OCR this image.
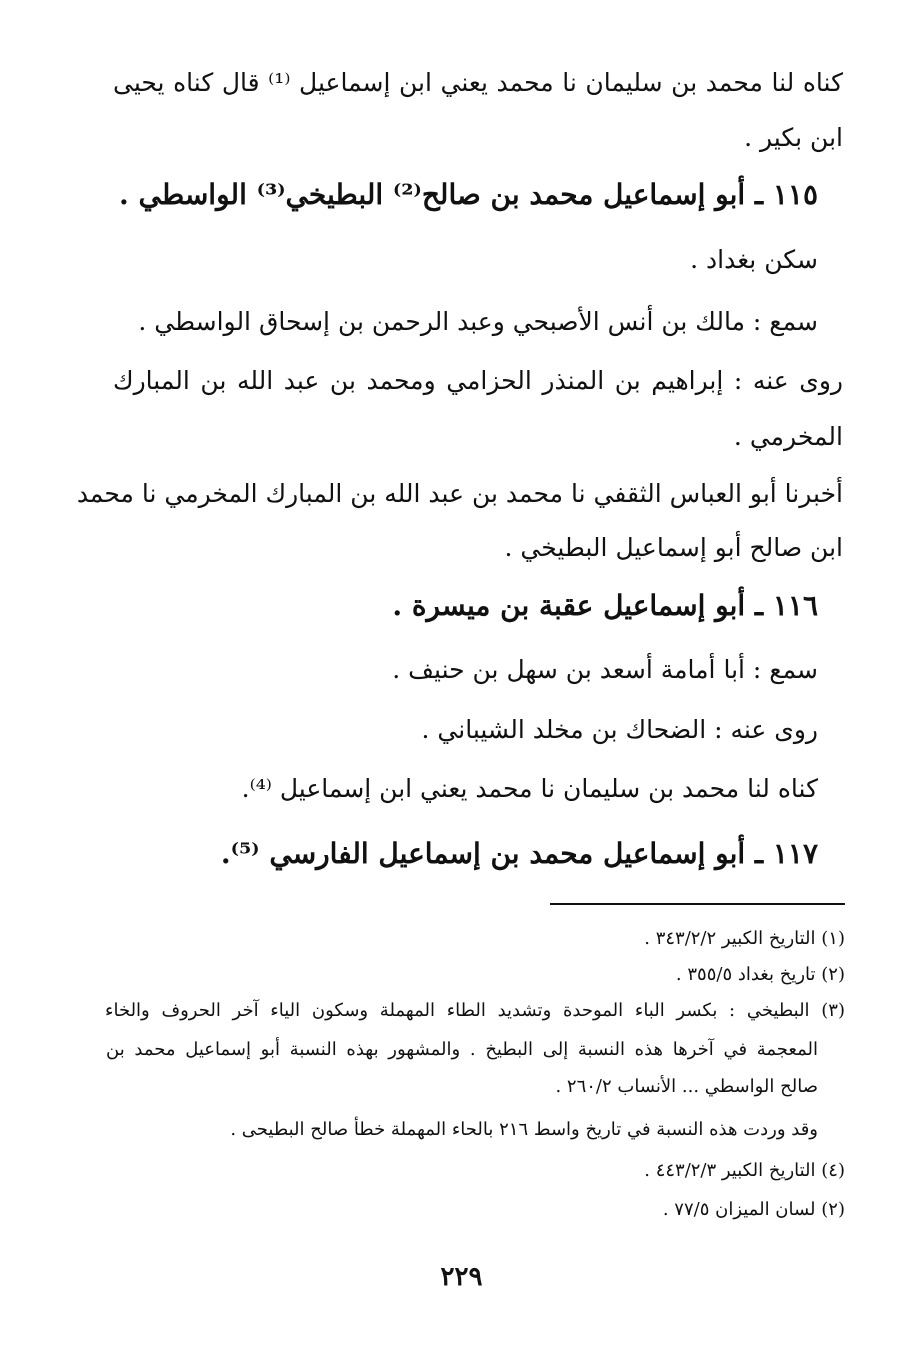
كناه لنا محمد بن سليمان نا محمد يعني ابن إسماعيل ⁽¹⁾ قال كناه يحيى
ابن بكير .
١١٥ ـ أبو إسماعيل محمد بن صالح⁽²⁾ البطيخي⁽³⁾ الواسطي .
سكن بغداد .
سمع : مالك بن أنس الأصبحي وعبد الرحمن بن إسحاق الواسطي .
روى عنه : إبراهيم بن المنذر الحزامي ومحمد بن عبد الله بن المبارك
المخرمي .
أخبرنا أبو العباس الثقفي نا محمد بن عبد الله بن المبارك المخرمي نا محمد
ابن صالح أبو إسماعيل البطيخي .
١١٦ ـ أبو إسماعيل عقبة بن ميسرة .
سمع : أبا أمامة أسعد بن سهل بن حنيف .
روى عنه : الضحاك بن مخلد الشيباني .
كناه لنا محمد بن سليمان نا محمد يعني ابن إسماعيل ⁽⁴⁾.
١١٧ ـ أبو إسماعيل محمد بن إسماعيل الفارسي ⁽⁵⁾.
(١) التاريخ الكبير ٣٤٣/٢/٢ .
(٢) تاريخ بغداد ٣٥٥/٥ .
(٣) البطيخي : بكسر الباء الموحدة وتشديد الطاء المهملة وسكون الياء آخر الحروف والخاء
المعجمة في آخرها هذه النسبة إلى البطيخ . والمشهور بهذه النسبة أبو إسماعيل محمد بن
صالح الواسطي ... الأنساب ٢٦٠/٢ .
وقد وردت هذه النسبة في تاريخ واسط ٢١٦ بالحاء المهملة خطأ صالح البطيحى .
(٤) التاريخ الكبير ٤٤٣/٢/٣ .
(٢) لسان الميزان ٧٧/٥ .
٢٢٩
